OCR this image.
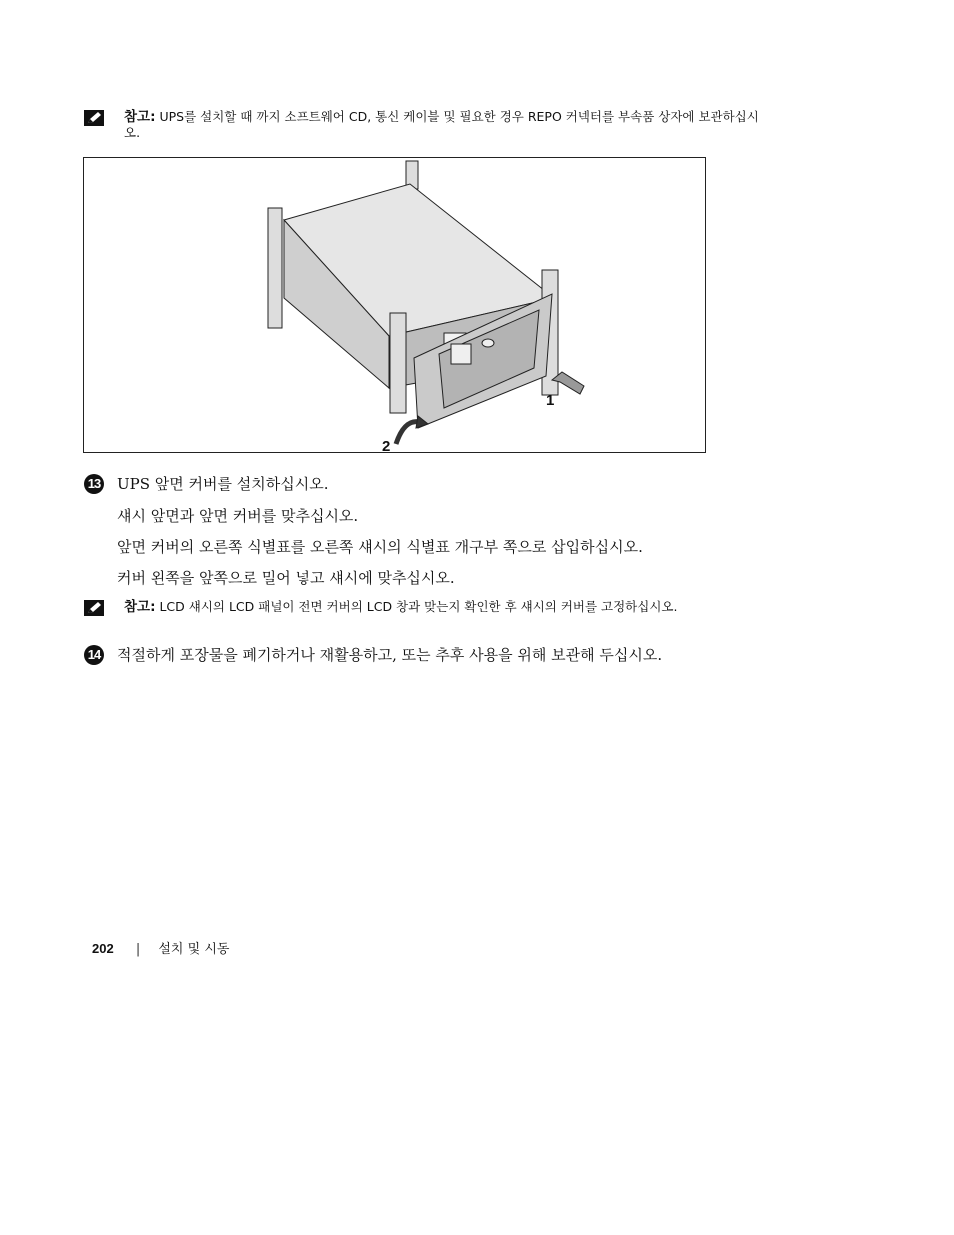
참고: UPS를 설치할 때 까지 소프트웨어 CD, 통신 케이블 및 필요한 경우 REPO 커넥터를 부속품 상자에 보관하십시오.
1
2
13 UPS 앞면 커버를 설치하십시오.
섀시 앞면과 앞면 커버를 맞추십시오.
앞면 커버의 오른쪽 식별표를 오른쪽 섀시의 식별표 개구부 쪽으로 삽입하십시오.
커버 왼쪽을 앞쪽으로 밀어 넣고 섀시에 맞추십시오.
참고: LCD 섀시의 LCD 패널이 전면 커버의 LCD 창과 맞는지 확인한 후 섀시의 커버를 고정하십시오.
14 적절하게 포장물을 폐기하거나 재활용하고, 또는 추후 사용을 위해 보관해 두십시오.
202 | 설치 및 시동
